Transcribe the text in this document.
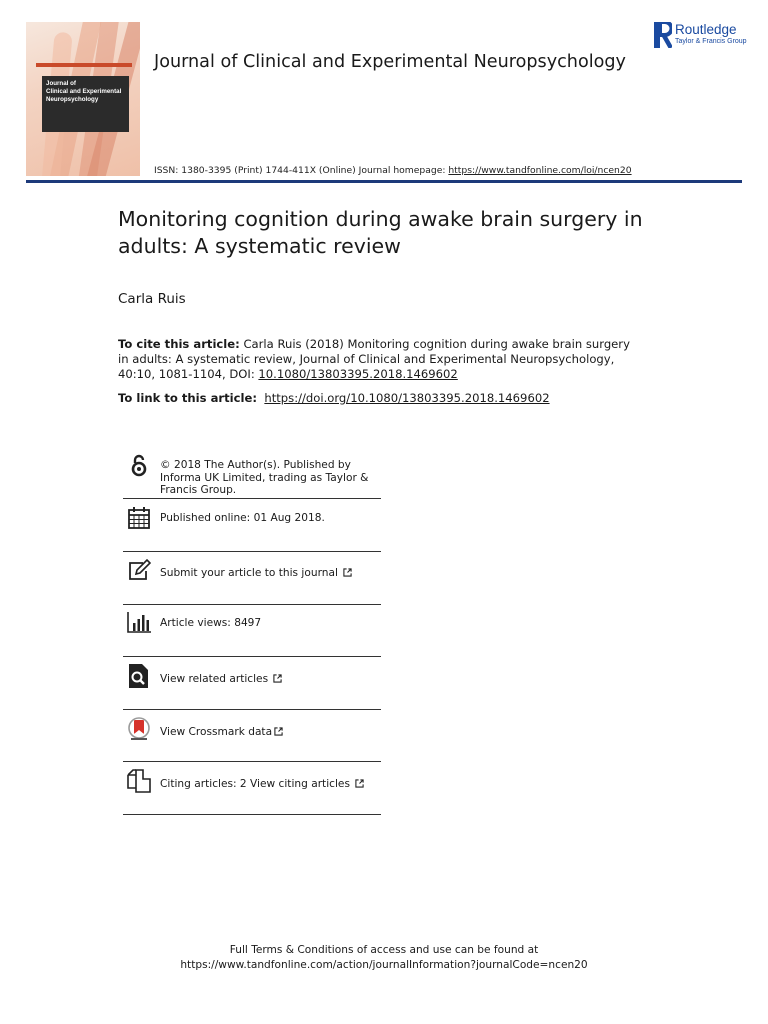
Journal of
Clinical and Experimental
Neuropsychology
Journal of Clinical and Experimental Neuropsychology
Routledge
Taylor & Francis Group
ISSN: 1380-3395 (Print) 1744-411X (Online) Journal homepage: https://www.tandfonline.com/loi/ncen20
Monitoring cognition during awake brain surgery in adults: A systematic review
Carla Ruis
To cite this article: Carla Ruis (2018) Monitoring cognition during awake brain surgery in adults: A systematic review, Journal of Clinical and Experimental Neuropsychology, 40:10, 1081-1104, DOI: 10.1080/13803395.2018.1469602
To link to this article: https://doi.org/10.1080/13803395.2018.1469602
© 2018 The Author(s). Published by Informa UK Limited, trading as Taylor & Francis Group.
Published online: 01 Aug 2018.
Submit your article to this journal
Article views: 8497
View related articles
View Crossmark data
Citing articles: 2 View citing articles
Full Terms & Conditions of access and use can be found at
https://www.tandfonline.com/action/journalInformation?journalCode=ncen20
